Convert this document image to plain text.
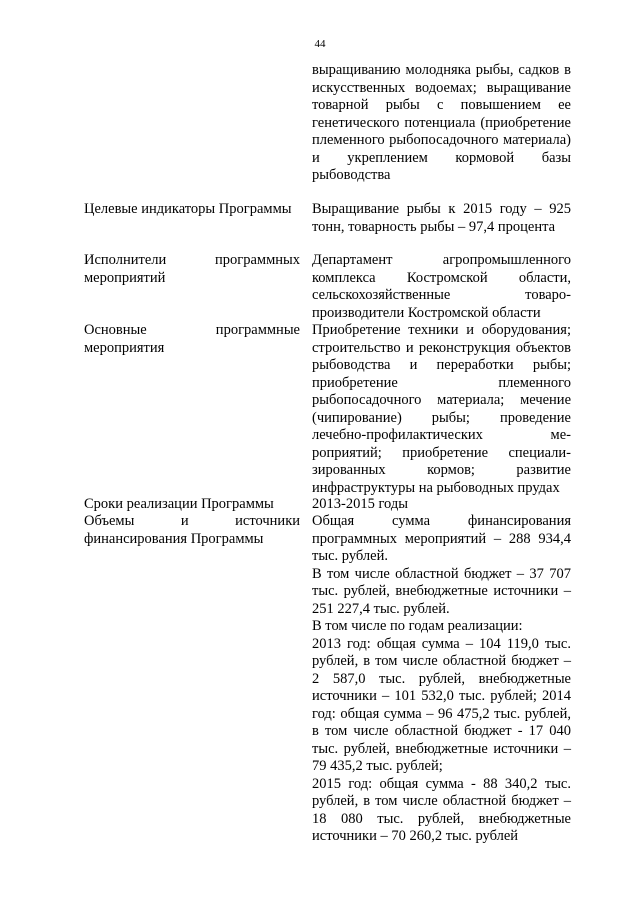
44

выращиванию молодняка рыбы, садков в искусственных водоемах; выращивание товарной рыбы с повышением ее генетического потенциала (приобретение племенного рыбопосадочного материала) и укреплением кормовой базы рыбоводства

Целевые индикаторы Программы	Выращивание рыбы к 2015 году – 925 тонн, товарность рыбы – 97,4 процента

Исполнители программных мероприятий

Департамент агропромышленного комплекса Костромской области, сельскохозяйственные товаро-производители Костромской области

Основные программные мероприятия

Приобретение техники и оборудования; строительство и реконструкция объектов рыбоводства и переработки рыбы; приобретение племенного рыбопосадочного материала; мечение (чипирование) рыбы; проведение лечебно-профилактических ме-роприятий; приобретение специали-зированных кормов; развитие инфраструктуры на рыбоводных прудах

Сроки реализации Программы	2013-2015 годы

Объемы и источники финансирования Программы

Общая сумма финансирования программных мероприятий – 288 934,4 тыс. рублей.

В том числе областной бюджет – 37 707 тыс. рублей, внебюджетные источники – 251 227,4 тыс. рублей.

В том числе по годам реализации:

2013 год: общая сумма – 104 119,0 тыс. рублей, в том числе областной бюджет – 2 587,0 тыс. рублей, внебюджетные источники – 101 532,0 тыс. рублей; 2014 год: общая сумма – 96 475,2 тыс. рублей, в том числе областной бюджет - 17 040 тыс. рублей, внебюджетные источники – 79 435,2 тыс. рублей;

2015 год: общая сумма - 88 340,2 тыс. рублей, в том числе областной бюджет – 18 080 тыс. рублей, внебюджетные источники – 70 260,2 тыс. рублей
